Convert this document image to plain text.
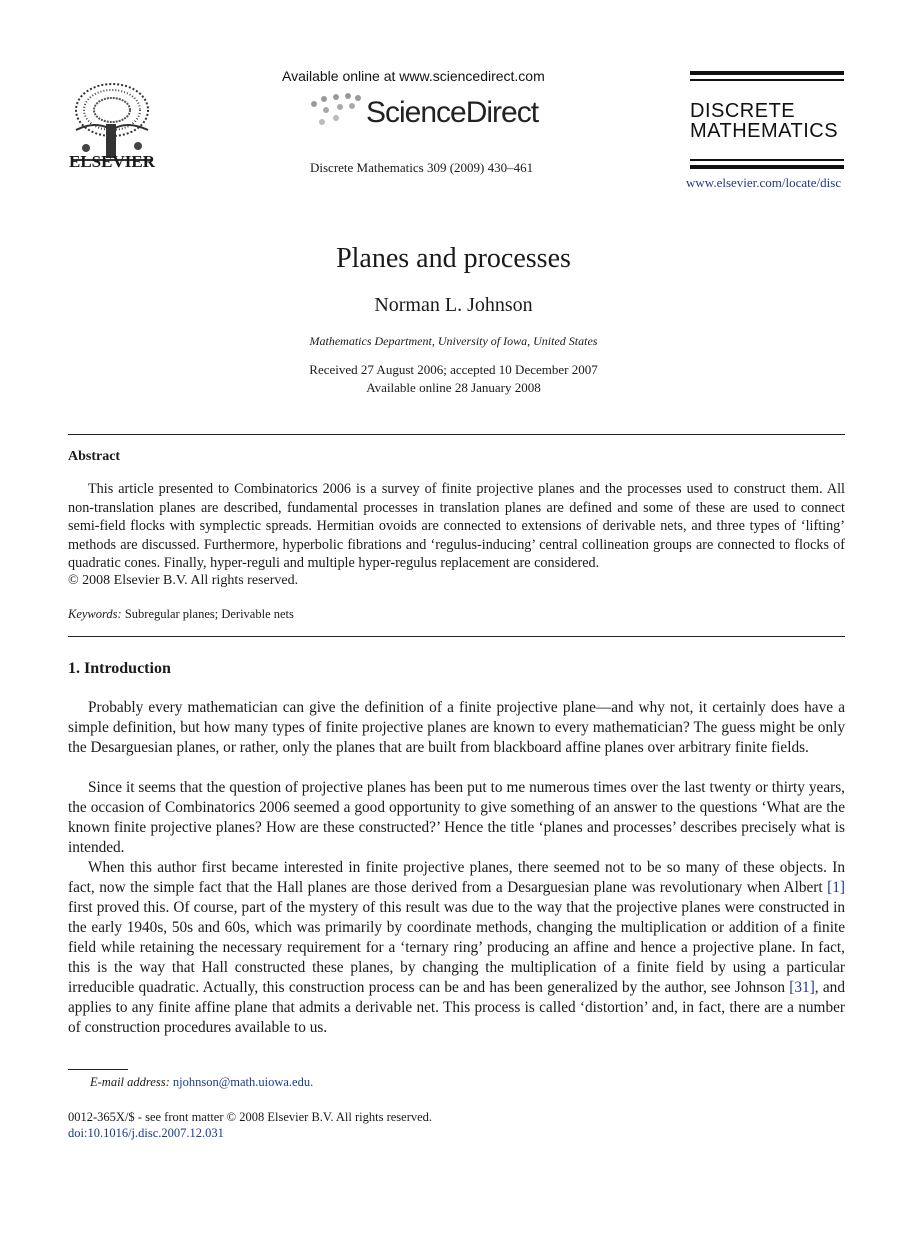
ELSEVIER
Available online at www.sciencedirect.com
ScienceDirect
Discrete Mathematics 309 (2009) 430–461
DISCRETE
MATHEMATICS
www.elsevier.com/locate/disc
Planes and processes
Norman L. Johnson
Mathematics Department, University of Iowa, United States
Received 27 August 2006; accepted 10 December 2007
Available online 28 January 2008
Abstract
This article presented to Combinatorics 2006 is a survey of finite projective planes and the processes used to construct them. All non-translation planes are described, fundamental processes in translation planes are defined and some of these are used to connect semi-field flocks with symplectic spreads. Hermitian ovoids are connected to extensions of derivable nets, and three types of ‘lifting’ methods are discussed. Furthermore, hyperbolic fibrations and ‘regulus-inducing’ central collineation groups are connected to flocks of quadratic cones. Finally, hyper-reguli and multiple hyper-regulus replacement are considered.
© 2008 Elsevier B.V. All rights reserved.
Keywords: Subregular planes; Derivable nets
1. Introduction
Probably every mathematician can give the definition of a finite projective plane—and why not, it certainly does have a simple definition, but how many types of finite projective planes are known to every mathematician? The guess might be only the Desarguesian planes, or rather, only the planes that are built from blackboard affine planes over arbitrary finite fields.
Since it seems that the question of projective planes has been put to me numerous times over the last twenty or thirty years, the occasion of Combinatorics 2006 seemed a good opportunity to give something of an answer to the questions ‘What are the known finite projective planes? How are these constructed?’ Hence the title ‘planes and processes’ describes precisely what is intended.
When this author first became interested in finite projective planes, there seemed not to be so many of these objects. In fact, now the simple fact that the Hall planes are those derived from a Desarguesian plane was revolutionary when Albert [1] first proved this. Of course, part of the mystery of this result was due to the way that the projective planes were constructed in the early 1940s, 50s and 60s, which was primarily by coordinate methods, changing the multiplication or addition of a finite field while retaining the necessary requirement for a ‘ternary ring’ producing an affine and hence a projective plane. In fact, this is the way that Hall constructed these planes, by changing the multiplication of a finite field by using a particular irreducible quadratic. Actually, this construction process can be and has been generalized by the author, see Johnson [31], and applies to any finite affine plane that admits a derivable net. This process is called ‘distortion’ and, in fact, there are a number of construction procedures available to us.
E-mail address: njohnson@math.uiowa.edu.
0012-365X/$ - see front matter © 2008 Elsevier B.V. All rights reserved.
doi:10.1016/j.disc.2007.12.031
